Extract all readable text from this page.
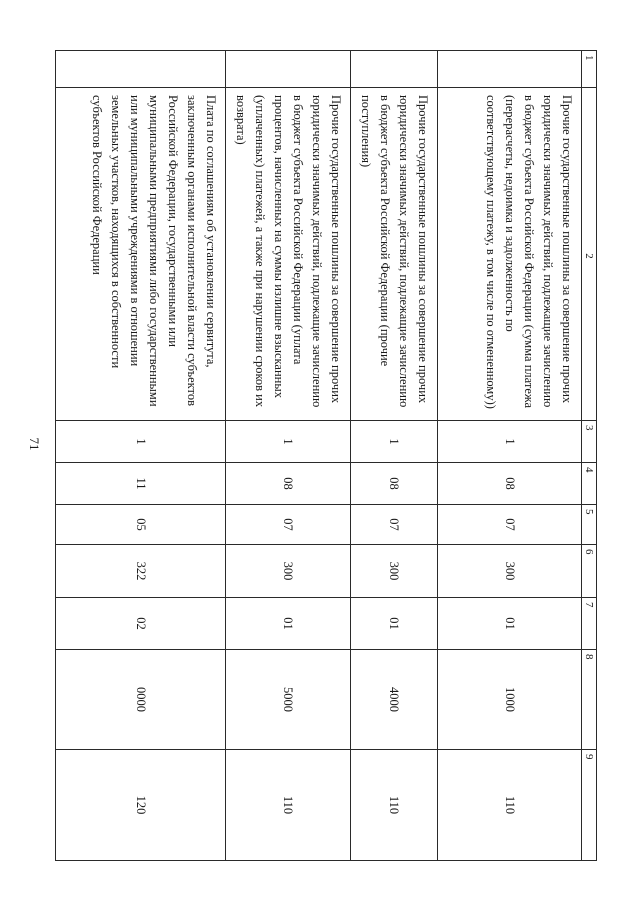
71
1	2	3	4	5	6	7	8	9
	Прочие государственные пошлины за совершение прочих юридически значимых действий, подлежащие зачислению в бюджет субъекта Российской Федерации (сумма платежа (перерасчеты, недоимка и задолженность по соответствующему платежу, в том числе по отмененному))	1	08	07	300	01	1000	110
	Прочие государственные пошлины за совершение прочих юридически значимых действий, подлежащие зачислению в бюджет субъекта Российской Федерации (прочие поступления)	1	08	07	300	01	4000	110
	Прочие государственные пошлины за совершение прочих юридически значимых действий, подлежащие зачислению в бюджет субъекта Российской Федерации (уплата процентов, начисленных на суммы излишне взысканных (уплаченных) платежей, а также при нарушении сроков их возврата)	1	08	07	300	01	5000	110
	Плата по соглашениям об установлении сервитута, заключенным органами исполнительной власти субъектов Российской Федерации, государственными или муниципальными предприятиями либо государственными или муниципальными учреждениями в отношении земельных участков, находящихся в собственности субъектов Российской Федерации	1	11	05	322	02	0000	120
